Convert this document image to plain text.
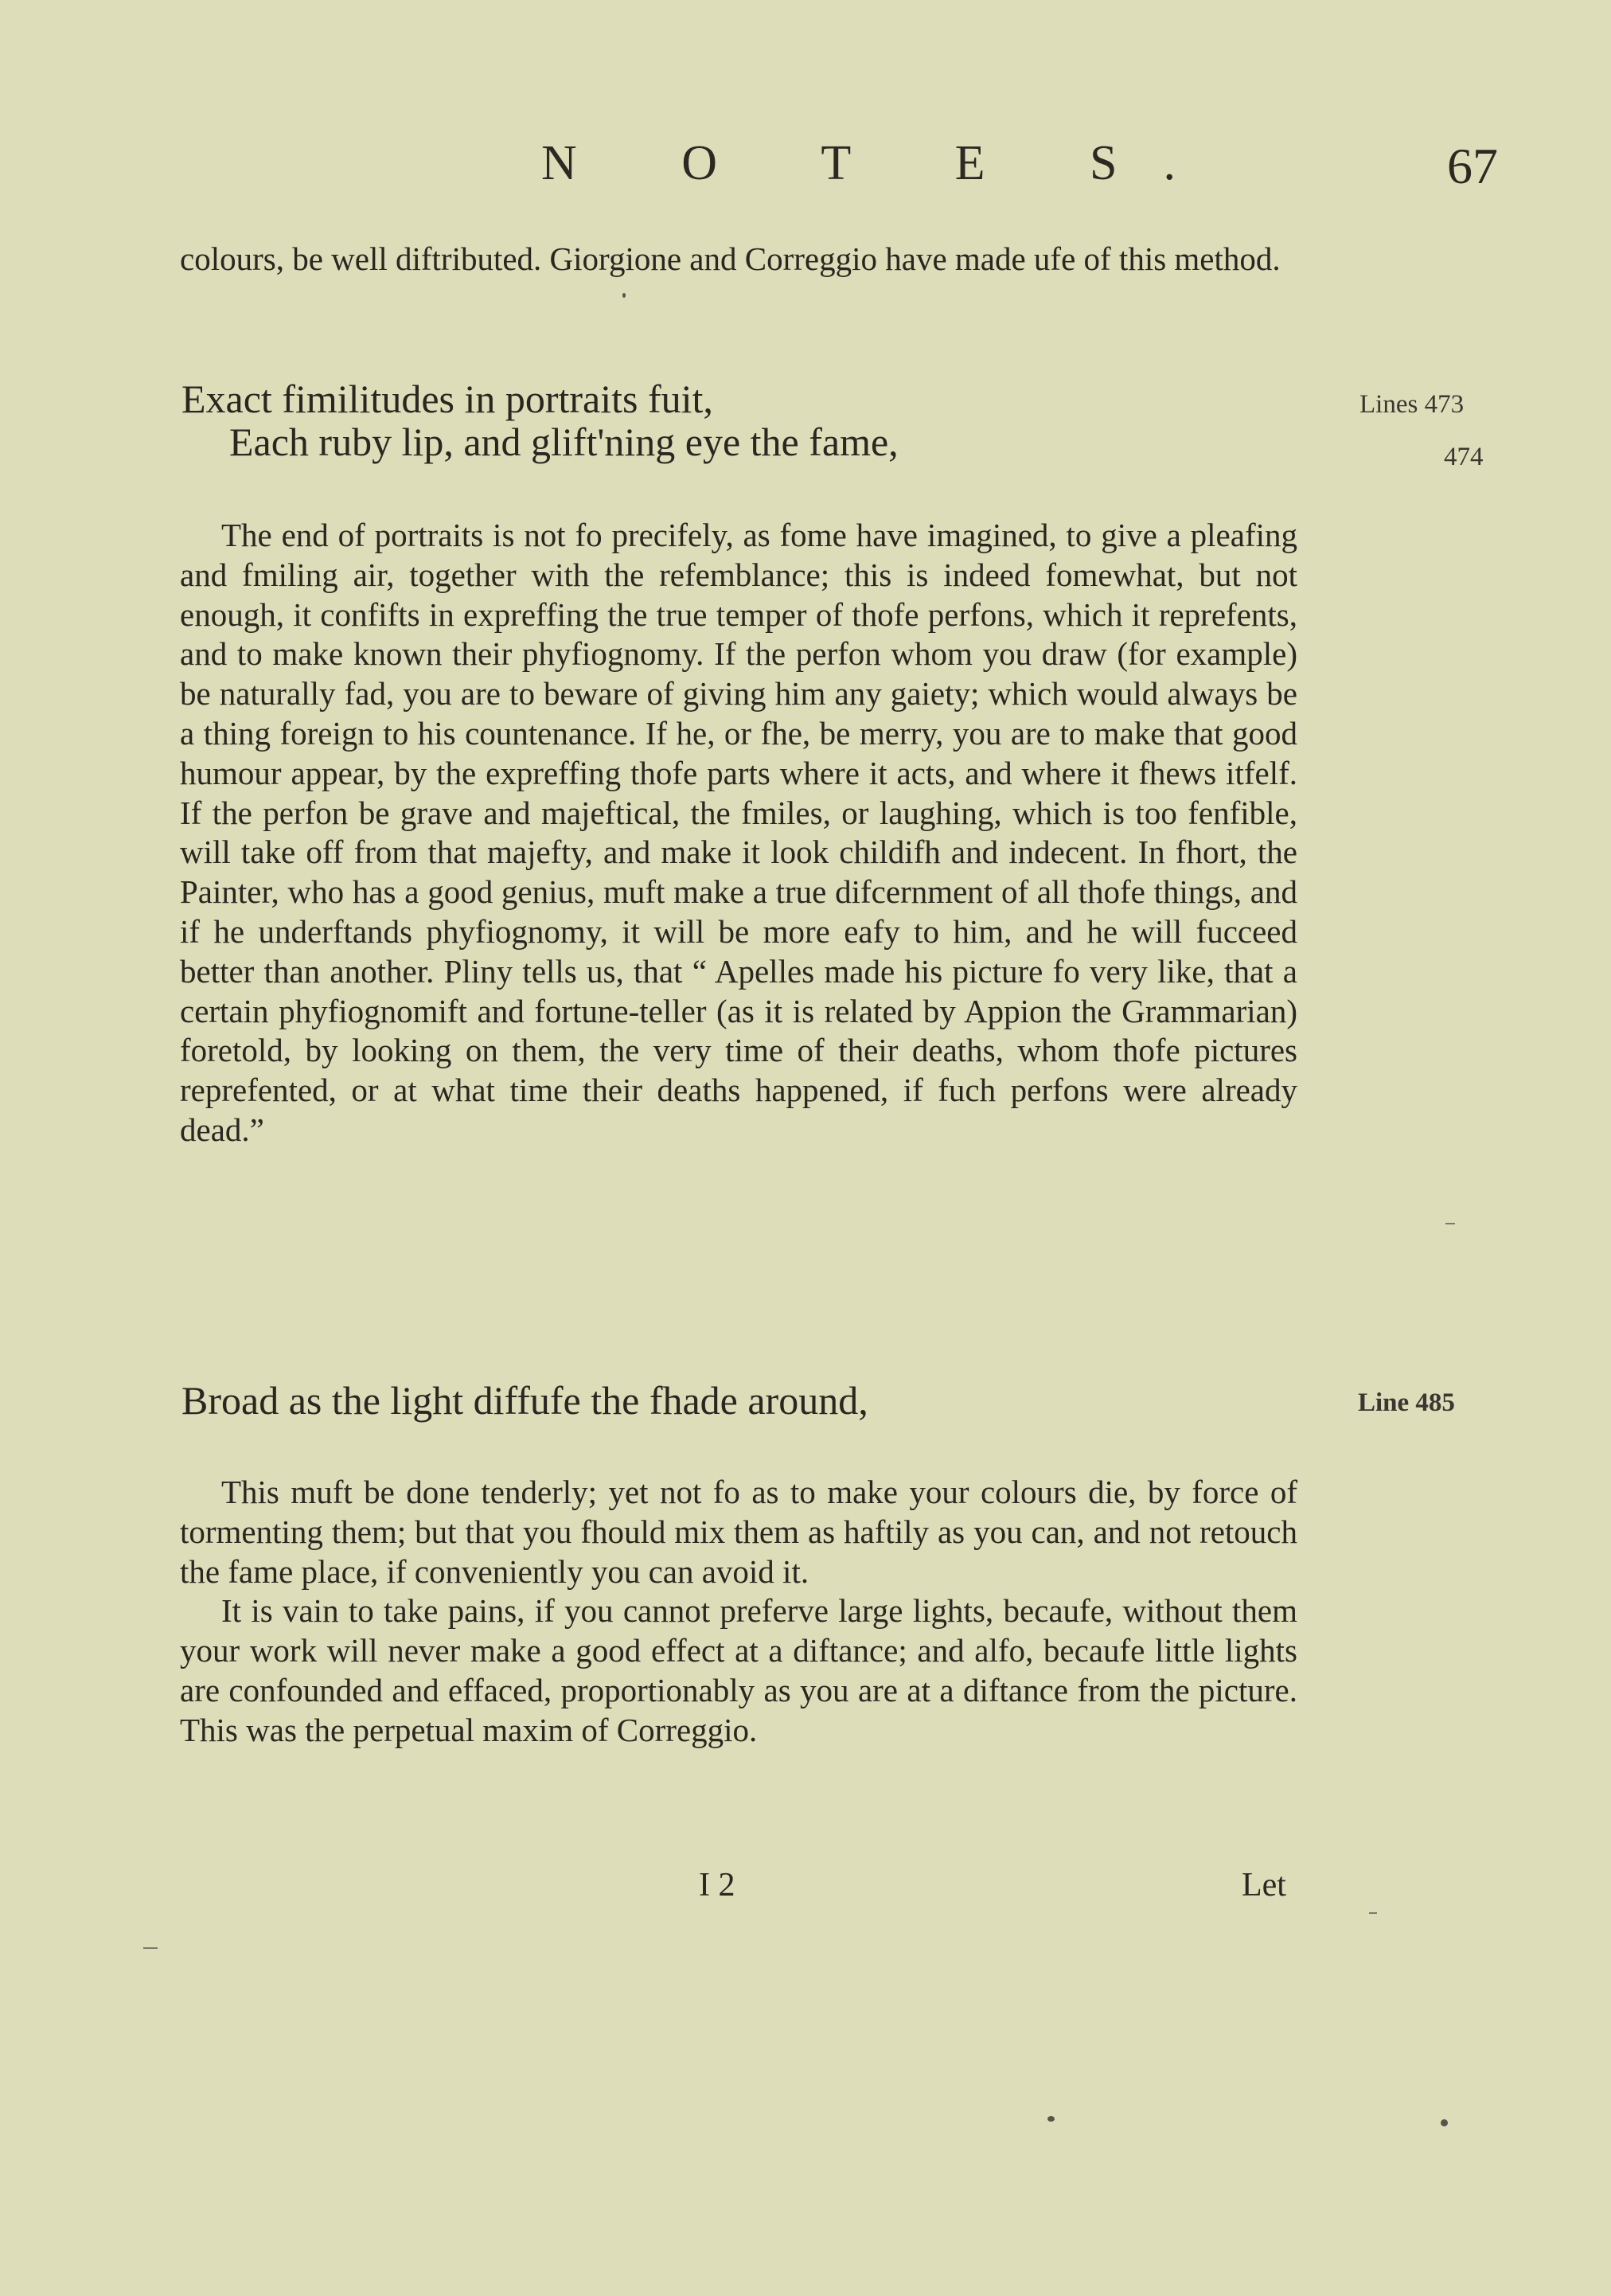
N O T E S.	67

colours, be well diftributed. Giorgione and Correggio have made ufe of this method.

Exact fimilitudes in portraits fuit,
Each ruby lip, and glift'ning eye the fame,
Lines 473
474

The end of portraits is not fo precifely, as fome have imagined, to give a pleafing and fmiling air, together with the refemblance; this is indeed fomewhat, but not enough, it confifts in expreffing the true temper of thofe perfons, which it reprefents, and to make known their phyfiognomy. If the perfon whom you draw (for example) be naturally fad, you are to beware of giving him any gaiety; which would always be a thing foreign to his countenance. If he, or fhe, be merry, you are to make that good humour appear, by the expreffing thofe parts where it acts, and where it fhews itfelf. If the perfon be grave and majeftical, the fmiles, or laughing, which is too fenfible, will take off from that majefty, and make it look childifh and indecent. In fhort, the Painter, who has a good genius, muft make a true difcernment of all thofe things, and if he underftands phyfiognomy, it will be more eafy to him, and he will fucceed better than another. Pliny tells us, that “ Apelles made his picture fo very like, that a certain phyfiognomift and fortune-teller (as it is related by Appion the Grammarian) foretold, by looking on them, the very time of their deaths, whom thofe pictures reprefented, or at what time their deaths happened, if fuch perfons were already dead.”

Broad as the light diffufe the fhade around,	Line 485

This muft be done tenderly; yet not fo as to make your colours die, by force of tormenting them; but that you fhould mix them as haftily as you can, and not retouch the fame place, if conveniently you can avoid it.

It is vain to take pains, if you cannot preferve large lights, becaufe, without them your work will never make a good effect at a diftance; and alfo, becaufe little lights are confounded and effaced, proportionably as you are at a diftance from the picture. This was the perpetual maxim of Correggio.

I 2	Let
